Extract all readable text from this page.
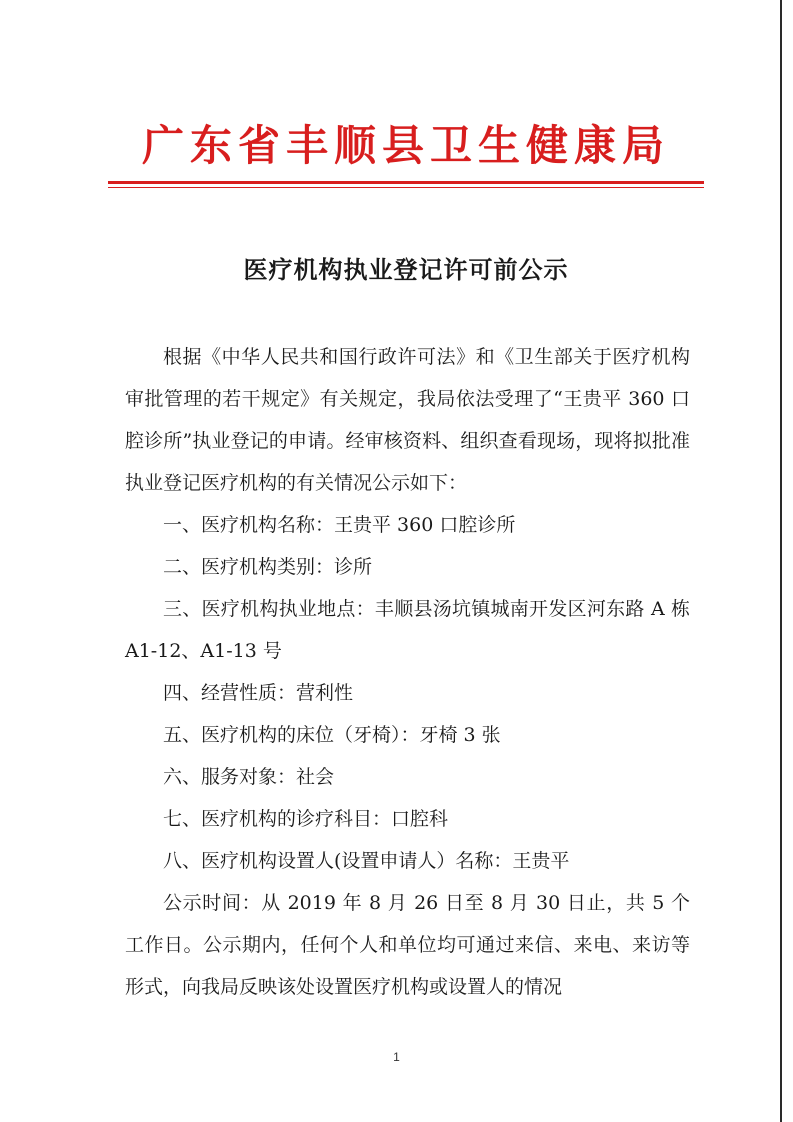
广东省丰顺县卫生健康局
医疗机构执业登记许可前公示

根据《中华人民共和国行政许可法》和《卫生部关于医疗机构审批管理的若干规定》有关规定，我局依法受理了“王贵平 360 口腔诊所”执业登记的申请。经审核资料、组织查看现场，现将拟批准执业登记医疗机构的有关情况公示如下：

一、医疗机构名称：王贵平 360 口腔诊所

二、医疗机构类别：诊所

三、医疗机构执业地点：丰顺县汤坑镇城南开发区河东路 A 栋 A1-12、A1-13 号

四、经营性质：营利性

五、医疗机构的床位（牙椅）：牙椅 3 张

六、服务对象：社会

七、医疗机构的诊疗科目：口腔科

八、医疗机构设置人(设置申请人）名称：王贵平

公示时间：从 2019 年 8 月 26 日至 8 月 30 日止，共 5 个工作日。公示期内，任何个人和单位均可通过来信、来电、来访等形式，向我局反映该处设置医疗机构或设置人的情况

1
